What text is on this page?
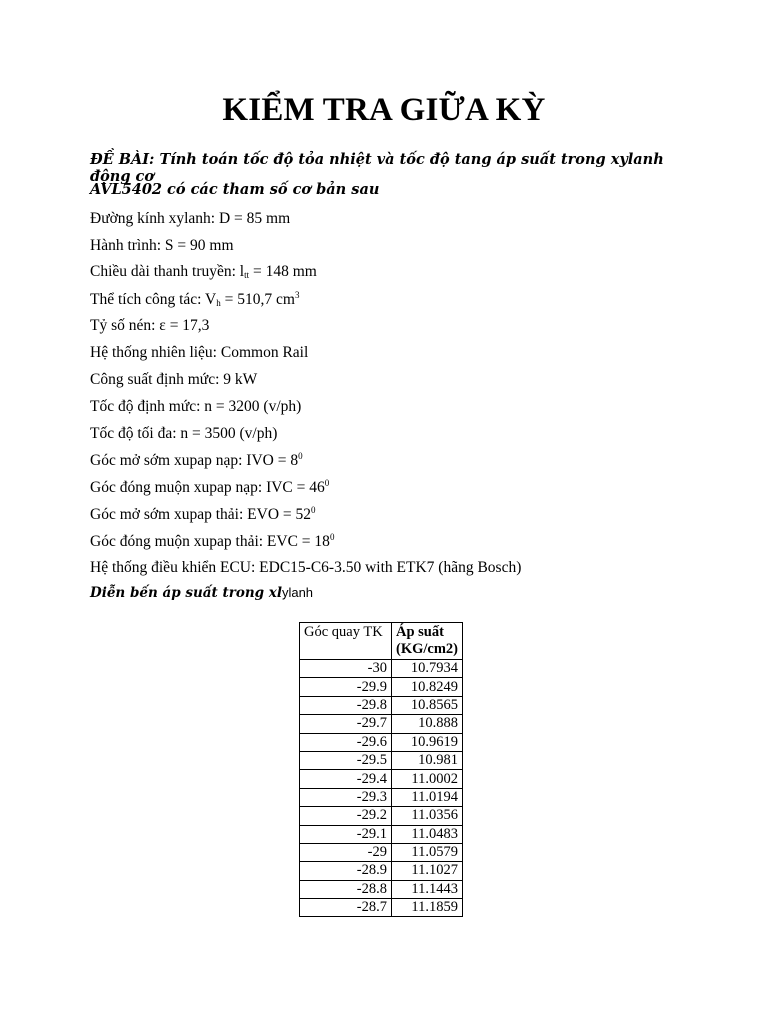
KIỂM TRA GIỮA KỲ
ĐỀ BÀI: Tính toán tốc độ tỏa nhiệt và tốc độ tang áp suất trong xylanh động cơ
AVL5402 có các tham số cơ bản sau
Đường kính xylanh: D = 85 mm
Hành trình: S = 90 mm
Chiều dài thanh truyền: $l_{tt} = 148$ mm
Thể tích công tác: $V_h = 510,7$ $cm^3$
Tỷ số nén: ε = 17,3
Hệ thống nhiên liệu: Common Rail
Công suất định mức: 9 kW
Tốc độ định mức: n = 3200 (v/ph)
Tốc độ tối đa: n = 3500 (v/ph)
Góc mở sớm xupap nạp: IVO = $8^0$
Góc đóng muộn xupap nạp: IVC = $46^0$
Góc mở sớm xupap thải: EVO = $52^0$
Góc đóng muộn xupap thải: EVC = $18^0$
Hệ thống điều khiển ECU: EDC15-C6-3.50 with ETK7 (hãng Bosch)
Diễn bến áp suất trong xlylanh
Góc quay TK	Áp suất (KG/cm2)
-30	10.7934
-29.9	10.8249
-29.8	10.8565
-29.7	10.888
-29.6	10.9619
-29.5	10.981
-29.4	11.0002
-29.3	11.0194
-29.2	11.0356
-29.1	11.0483
-29	11.0579
-28.9	11.1027
-28.8	11.1443
-28.7	11.1859
